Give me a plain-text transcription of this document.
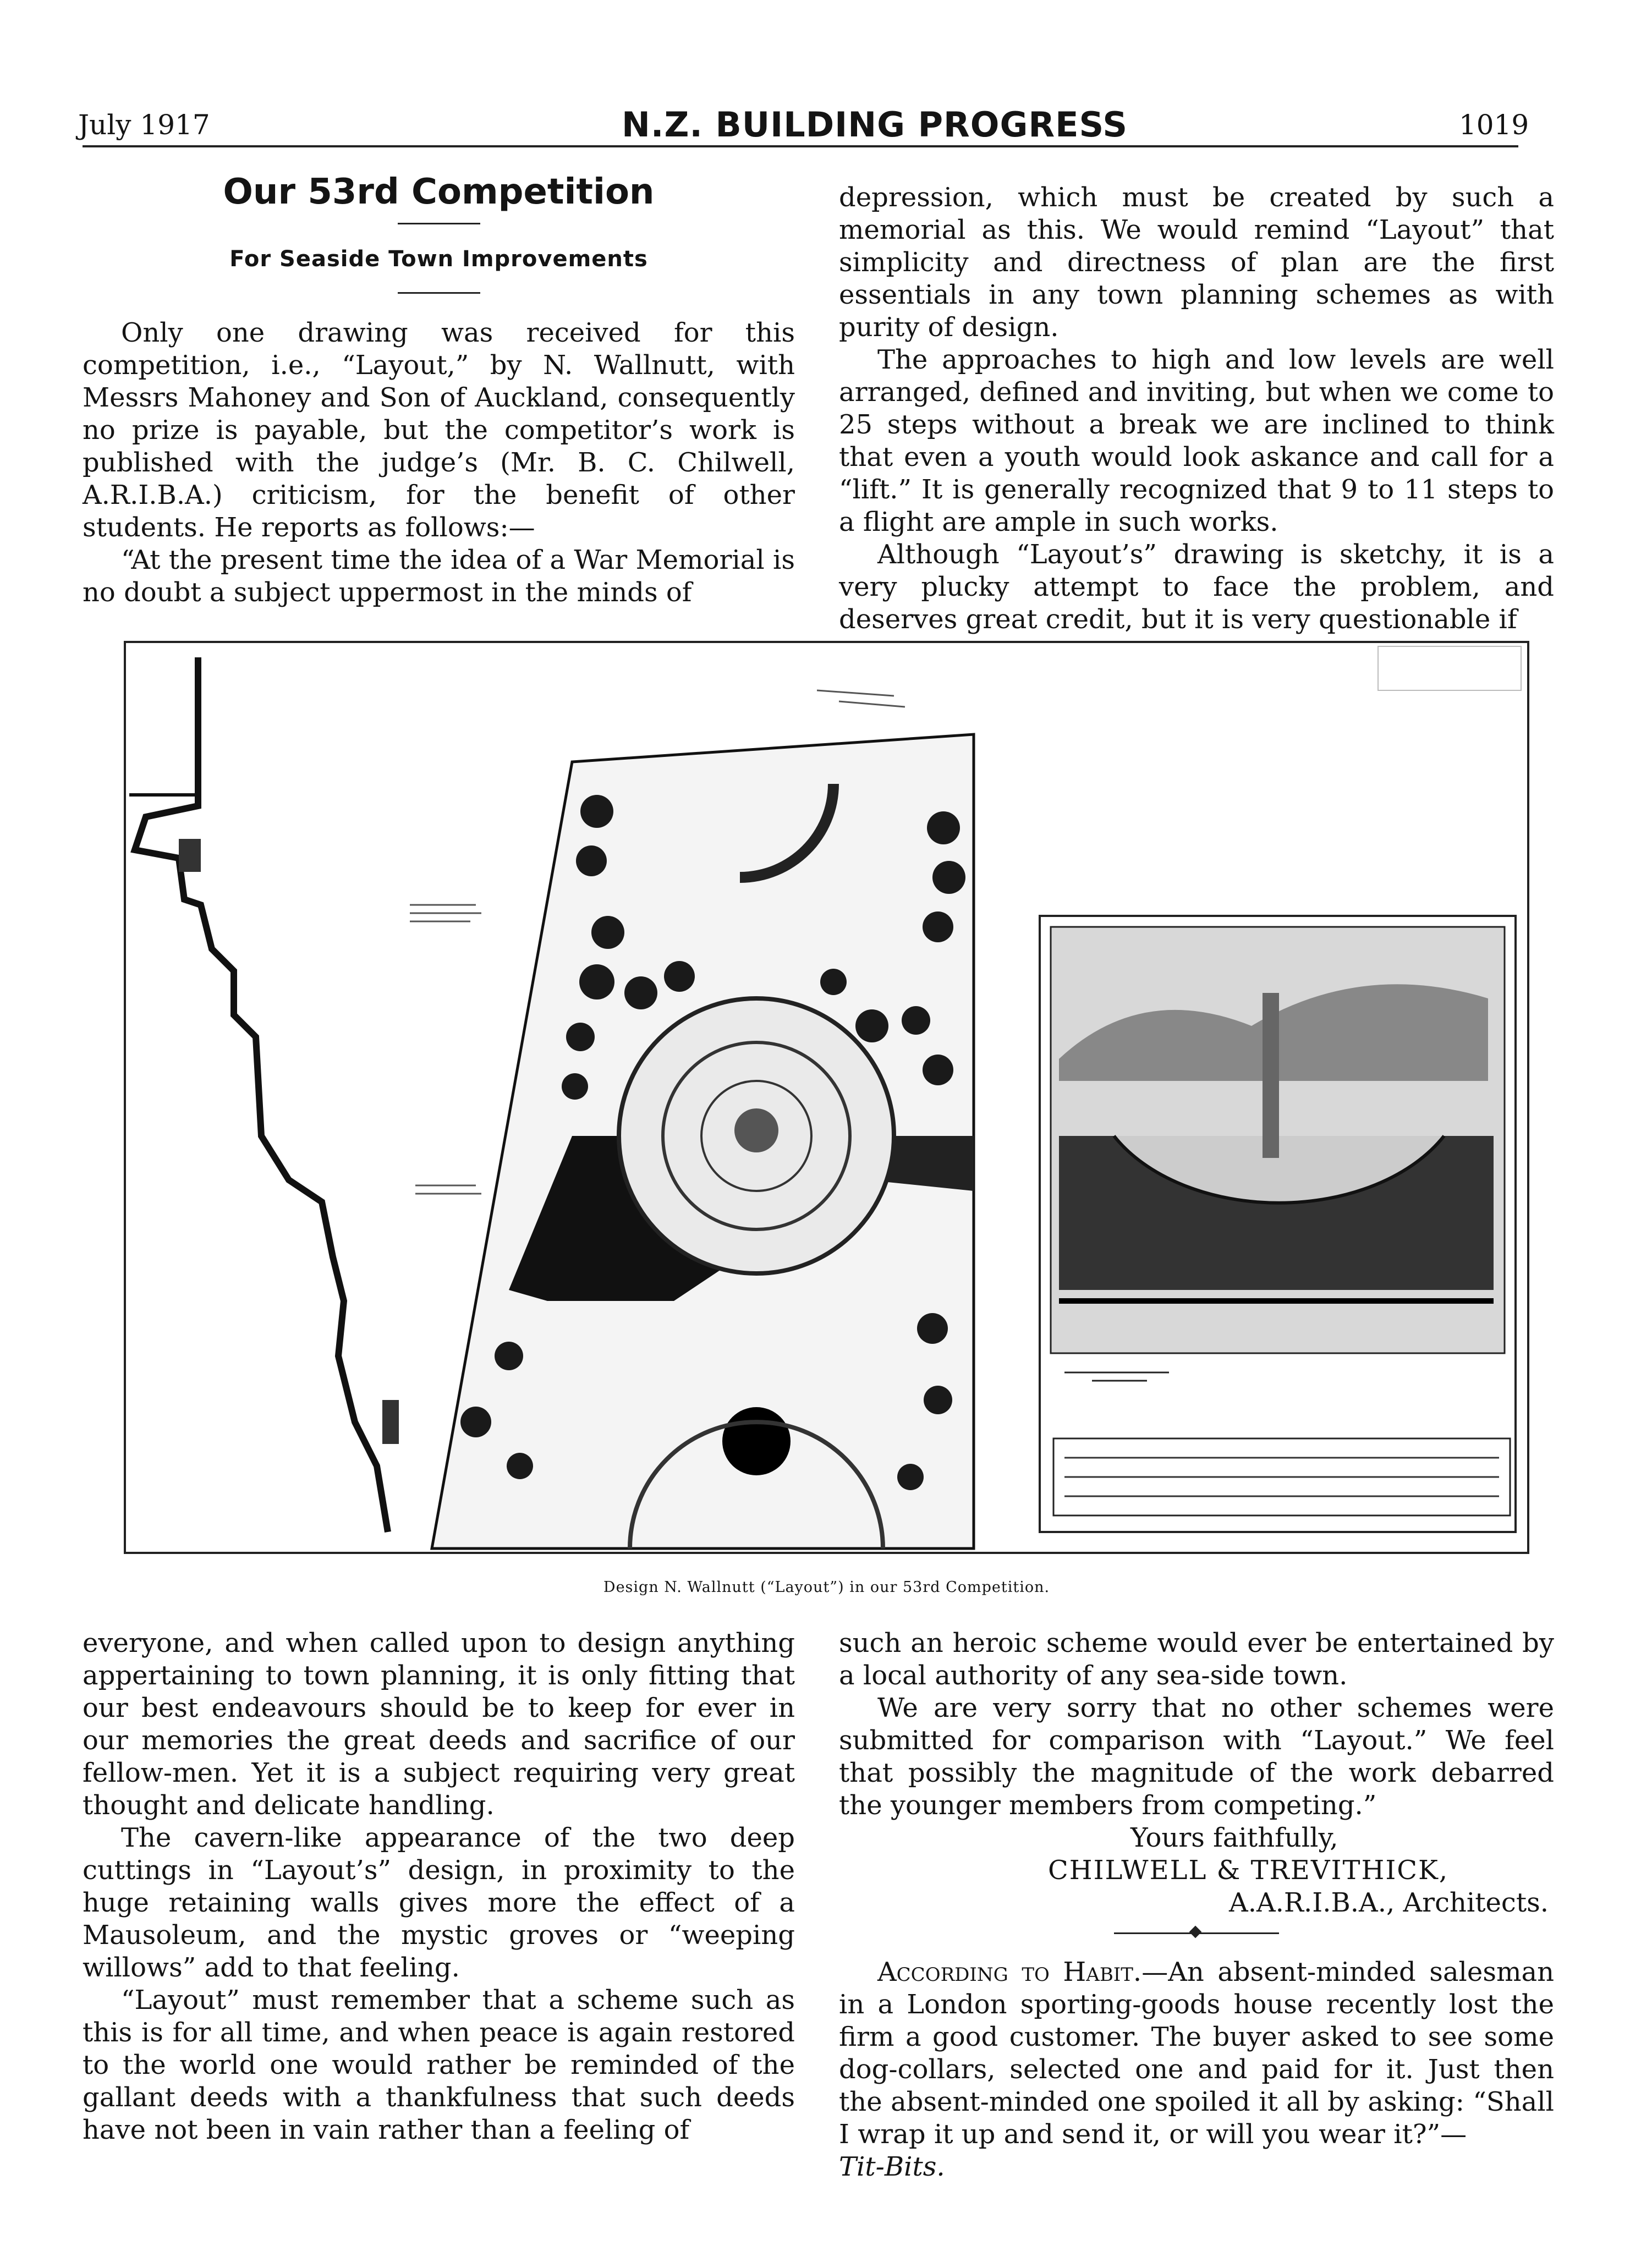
July 1917	N.Z. BUILDING PROGRESS	1019
Our 53rd Competition
For Seaside Town Improvements

Only one drawing was received for this competition, i.e., “Layout,” by N. Wallnutt, with Messrs Mahoney and Son of Auckland, consequently no prize is payable, but the competitor’s work is published with the judge’s (Mr. B. C. Chilwell, A.R.I.B.A.) criticism, for the benefit of other students. He reports as follows:—

“At the present time the idea of a War Memorial is no doubt a subject uppermost in the minds of

depression, which must be created by such a memorial as this. We would remind “Layout” that simplicity and directness of plan are the first essentials in any town planning schemes as with purity of design.

The approaches to high and low levels are well arranged, defined and inviting, but when we come to 25 steps without a break we are inclined to think that even a youth would look askance and call for a “lift.” It is generally recognized that 9 to 11 steps to a flight are ample in such works.

Although “Layout’s” drawing is sketchy, it is a very plucky attempt to face the problem, and deserves great credit, but it is very questionable if

Design N. Wallnutt (“Layout”) in our 53rd Competition.

everyone, and when called upon to design anything appertaining to town planning, it is only fitting that our best endeavours should be to keep for ever in our memories the great deeds and sacrifice of our fellow-men. Yet it is a subject requiring very great thought and delicate handling.

The cavern-like appearance of the two deep cuttings in “Layout’s” design, in proximity to the huge retaining walls gives more the effect of a Mausoleum, and the mystic groves or “weeping willows” add to that feeling.

“Layout” must remember that a scheme such as this is for all time, and when peace is again restored to the world one would rather be reminded of the gallant deeds with a thankfulness that such deeds have not been in vain rather than a feeling of

such an heroic scheme would ever be entertained by a local authority of any sea-side town.

We are very sorry that no other schemes were submitted for comparison with “Layout.” We feel that possibly the magnitude of the work debarred the younger members from competing.”

Yours faithfully,
CHILWELL & TREVITHICK,
A.A.R.I.B.A., Architects.

According to Habit.—An absent-minded salesman in a London sporting-goods house recently lost the firm a good customer. The buyer asked to see some dog-collars, selected one and paid for it. Just then the absent-minded one spoiled it all by asking: “Shall I wrap it up and send it, or will you wear it?”—
Tit-Bits.
